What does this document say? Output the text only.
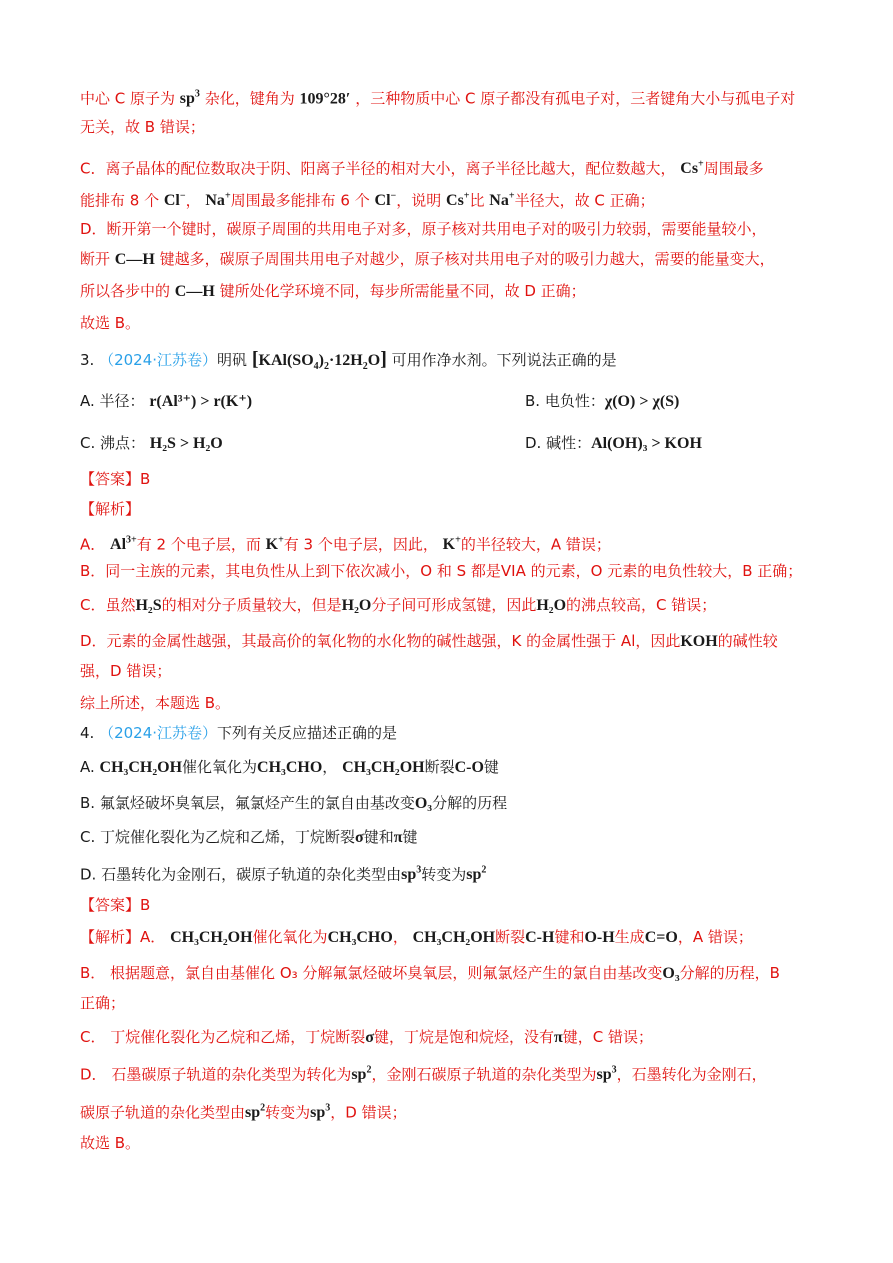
中心 C 原子为 $sp^3$ 杂化，键角为 109°28′ ，三种物质中心 C 原子都没有孤电子对，三者键角大小与孤电子对
无关，故 B 错误；
C．离子晶体的配位数取决于阴、阳离子半径的相对大小，离子半径比越大，配位数越大， Cs+周围最多
能排布 8 个 Cl−， Na+周围最多能排布 6 个 Cl−，说明 Cs+比 Na+半径大，故 C 正确；
D．断开第一个键时，碳原子周围的共用电子对多，原子核对共用电子对的吸引力较弱，需要能量较小，
断开 C—H 键越多，碳原子周围共用电子对越少，原子核对共用电子对的吸引力越大，需要的能量变大，
所以各步中的 C—H 键所处化学环境不同，每步所需能量不同，故 D 正确；
故选 B。
3. （2024·江苏卷）明矾 $[KAl(SO_4)_2\cdot 12H_2O]$ 可用作净水剂。下列说法正确的是
A. 半径： r(Al³⁺) > r(K⁺)	B. 电负性：χ(O) > χ(S)
C. 沸点： H₂S > H₂O	D. 碱性：Al(OH)₃ > KOH
【答案】B
【解析】
A． $Al^{3+}$有 2 个电子层，而 K+有 3 个电子层，因此， K+的半径较大，A 错误；
B．同一主族的元素，其电负性从上到下依次减小，O 和 S 都是VIA 的元素，O 元素的电负性较大，B 正确；
C．虽然H₂S的相对分子质量较大，但是H₂O分子间可形成氢键，因此H₂O的沸点较高，C 错误；
D．元素的金属性越强，其最高价的氧化物的水化物的碱性越强，K 的金属性强于 Al，因此KOH的碱性较
强，D 错误；
综上所述，本题选 B。
4. （2024·江苏卷）下列有关反应描述正确的是
A. CH₃CH₂OH催化氧化为CH₃CHO， CH₃CH₂OH断裂C-O键
B. 氟氯烃破坏臭氧层，氟氯烃产生的氯自由基改变O₃分解的历程
C. 丁烷催化裂化为乙烷和乙烯，丁烷断裂σ键和π键
D. 石墨转化为金刚石，碳原子轨道的杂化类型由$sp^3$转变为$sp^2$
【答案】B
【解析】A． CH₃CH₂OH催化氧化为CH₃CHO， CH₃CH₂OH断裂C-H键和O-H生成C=O，A 错误；
B． 根据题意，氯自由基催化 O₃ 分解氟氯烃破坏臭氧层，则氟氯烃产生的氯自由基改变O₃分解的历程，B
正确；
C． 丁烷催化裂化为乙烷和乙烯，丁烷断裂σ键，丁烷是饱和烷烃，没有π键，C 错误；
D． 石墨碳原子轨道的杂化类型为转化为$sp^2$，金刚石碳原子轨道的杂化类型为$sp^3$，石墨转化为金刚石，
碳原子轨道的杂化类型由$sp^2$转变为$sp^3$，D 错误；
故选 B。
